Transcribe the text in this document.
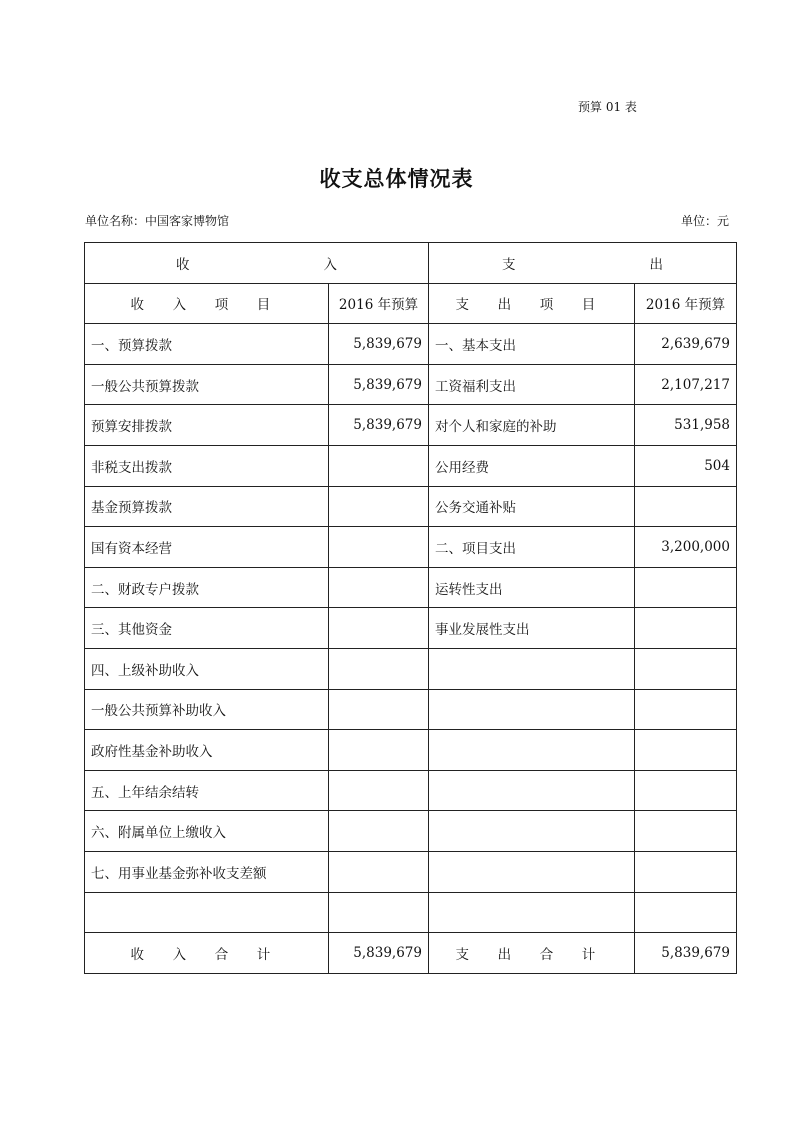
预算 01 表
收支总体情况表
单位名称：中国客家博物馆	单位：元
收 入		支 出	
收 入 项 目	2016 年预算	支 出 项 目	2016 年预算
一、预算拨款	5,839,679	一、基本支出	2,639,679
一般公共预算拨款	5,839,679	工资福利支出	2,107,217
预算安排拨款	5,839,679	对个人和家庭的补助	531,958
非税支出拨款		公用经费	504
基金预算拨款		公务交通补贴	
国有资本经营		二、项目支出	3,200,000
二、财政专户拨款		运转性支出	
三、其他资金		事业发展性支出	
四、上级补助收入			
一般公共预算补助收入			
政府性基金补助收入			
五、上年结余结转			
六、附属单位上缴收入			
七、用事业基金弥补收支差额			

收 入 合 计	5,839,679	支 出 合 计	5,839,679
